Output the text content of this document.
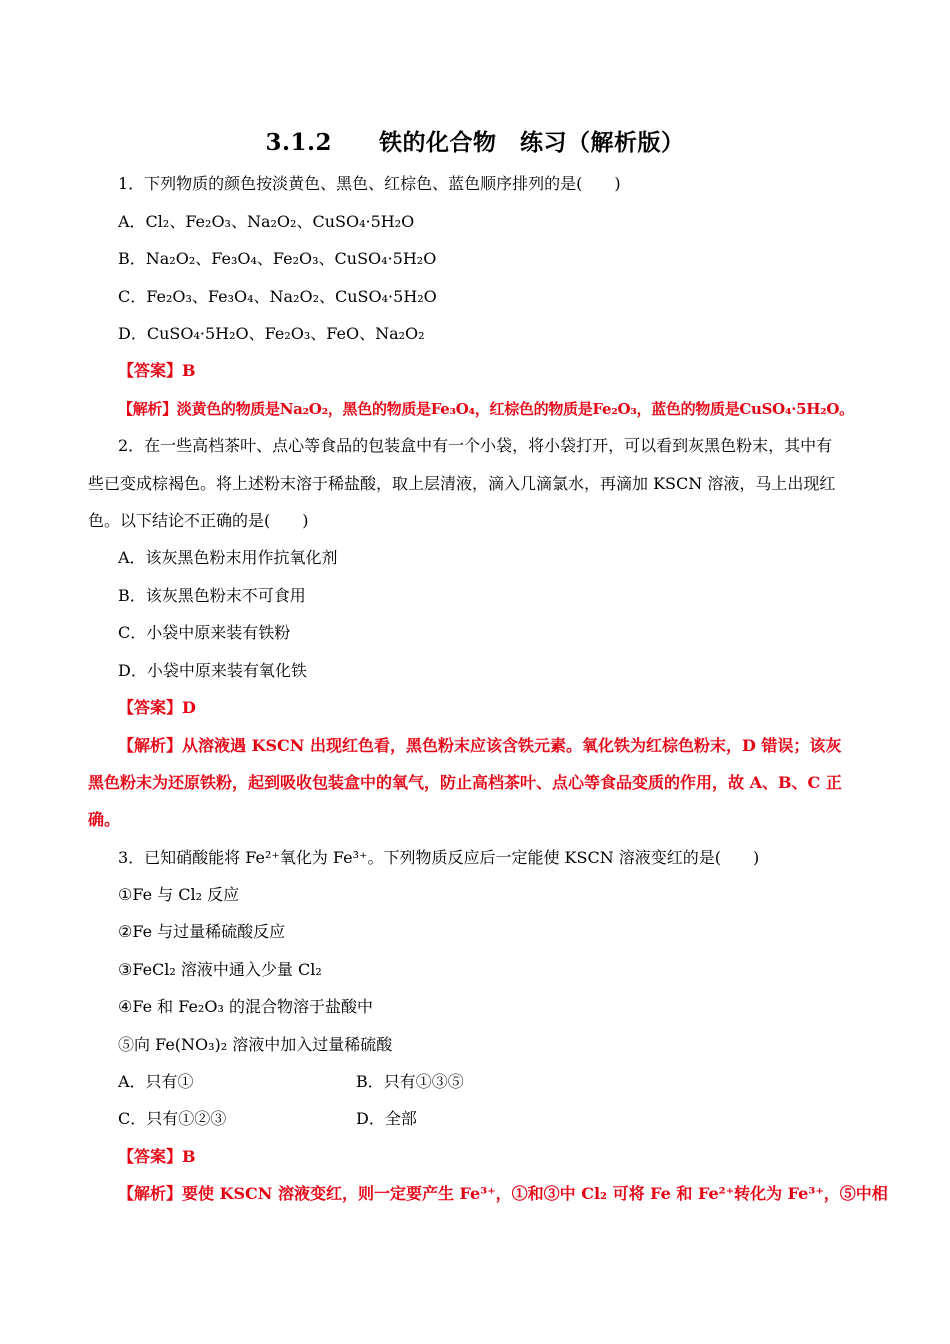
3.1.2　　铁的化合物　练习（解析版）
1．下列物质的颜色按淡黄色、黑色、红棕色、蓝色顺序排列的是(　　)
A．Cl₂、Fe₂O₃、Na₂O₂、CuSO₄·5H₂O
B．Na₂O₂、Fe₃O₄、Fe₂O₃、CuSO₄·5H₂O
C．Fe₂O₃、Fe₃O₄、Na₂O₂、CuSO₄·5H₂O
D．CuSO₄·5H₂O、Fe₂O₃、FeO、Na₂O₂
【答案】B
【解析】淡黄色的物质是Na₂O₂，黑色的物质是Fe₃O₄，红棕色的物质是Fe₂O₃，蓝色的物质是CuSO₄·5H₂O。
2．在一些高档茶叶、点心等食品的包装盒中有一个小袋，将小袋打开，可以看到灰黑色粉末，其中有
些已变成棕褐色。将上述粉末溶于稀盐酸，取上层清液，滴入几滴氯水，再滴加 KSCN 溶液，马上出现红
色。以下结论不正确的是(　　)
A．该灰黑色粉末用作抗氧化剂
B．该灰黑色粉末不可食用
C．小袋中原来装有铁粉
D．小袋中原来装有氧化铁
【答案】D
【解析】从溶液遇 KSCN 出现红色看，黑色粉末应该含铁元素。氧化铁为红棕色粉末，D 错误；该灰
黑色粉末为还原铁粉，起到吸收包装盒中的氧气，防止高档茶叶、点心等食品变质的作用，故 A、B、C 正
确。
3．已知硝酸能将 Fe²⁺氧化为 Fe³⁺。下列物质反应后一定能使 KSCN 溶液变红的是(　　)
①Fe 与 Cl₂ 反应
②Fe 与过量稀硫酸反应
③FeCl₂ 溶液中通入少量 Cl₂
④Fe 和 Fe₂O₃ 的混合物溶于盐酸中
⑤向 Fe(NO₃)₂ 溶液中加入过量稀硫酸
A．只有①	B．只有①③⑤
C．只有①②③	D．全部
【答案】B
【解析】要使 KSCN 溶液变红，则一定要产生 Fe³⁺，①和③中 Cl₂ 可将 Fe 和 Fe²⁺转化为 Fe³⁺，⑤中相
